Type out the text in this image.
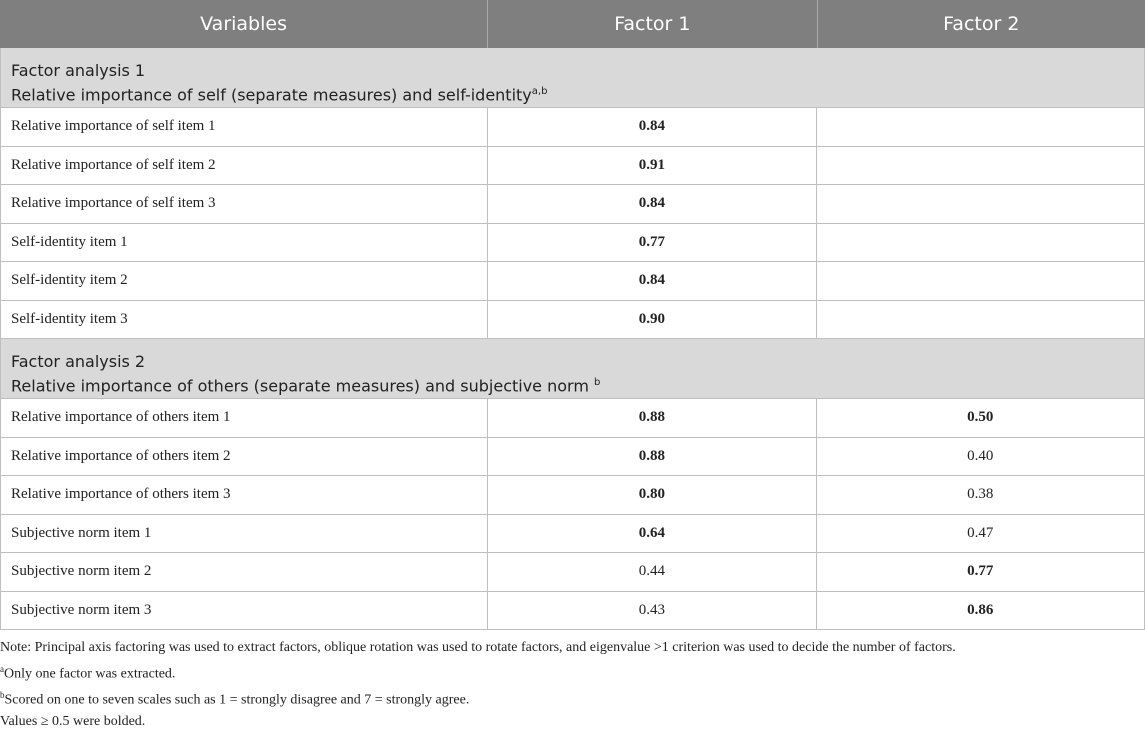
Variables	Factor 1	Factor 2
Factor analysis 1
Relative importance of self (separate measures) and self-identity$^{a,b}$
Relative importance of self item 1	0.84
Relative importance of self item 2	0.91
Relative importance of self item 3	0.84
Self-identity item 1	0.77
Self-identity item 2	0.84
Self-identity item 3	0.90
Factor analysis 2
Relative importance of others (separate measures) and subjective norm $^b$
Relative importance of others item 1	0.88	0.50
Relative importance of others item 2	0.88	0.40
Relative importance of others item 3	0.80	0.38
Subjective norm item 1	0.64	0.47
Subjective norm item 2	0.44	0.77
Subjective norm item 3	0.43	0.86
Note: Principal axis factoring was used to extract factors, oblique rotation was used to rotate factors, and eigenvalue >1 criterion was used to decide the number of factors.
$^a$Only one factor was extracted.
$^b$Scored on one to seven scales such as 1 = strongly disagree and 7 = strongly agree.
Values ≥ 0.5 were bolded.
